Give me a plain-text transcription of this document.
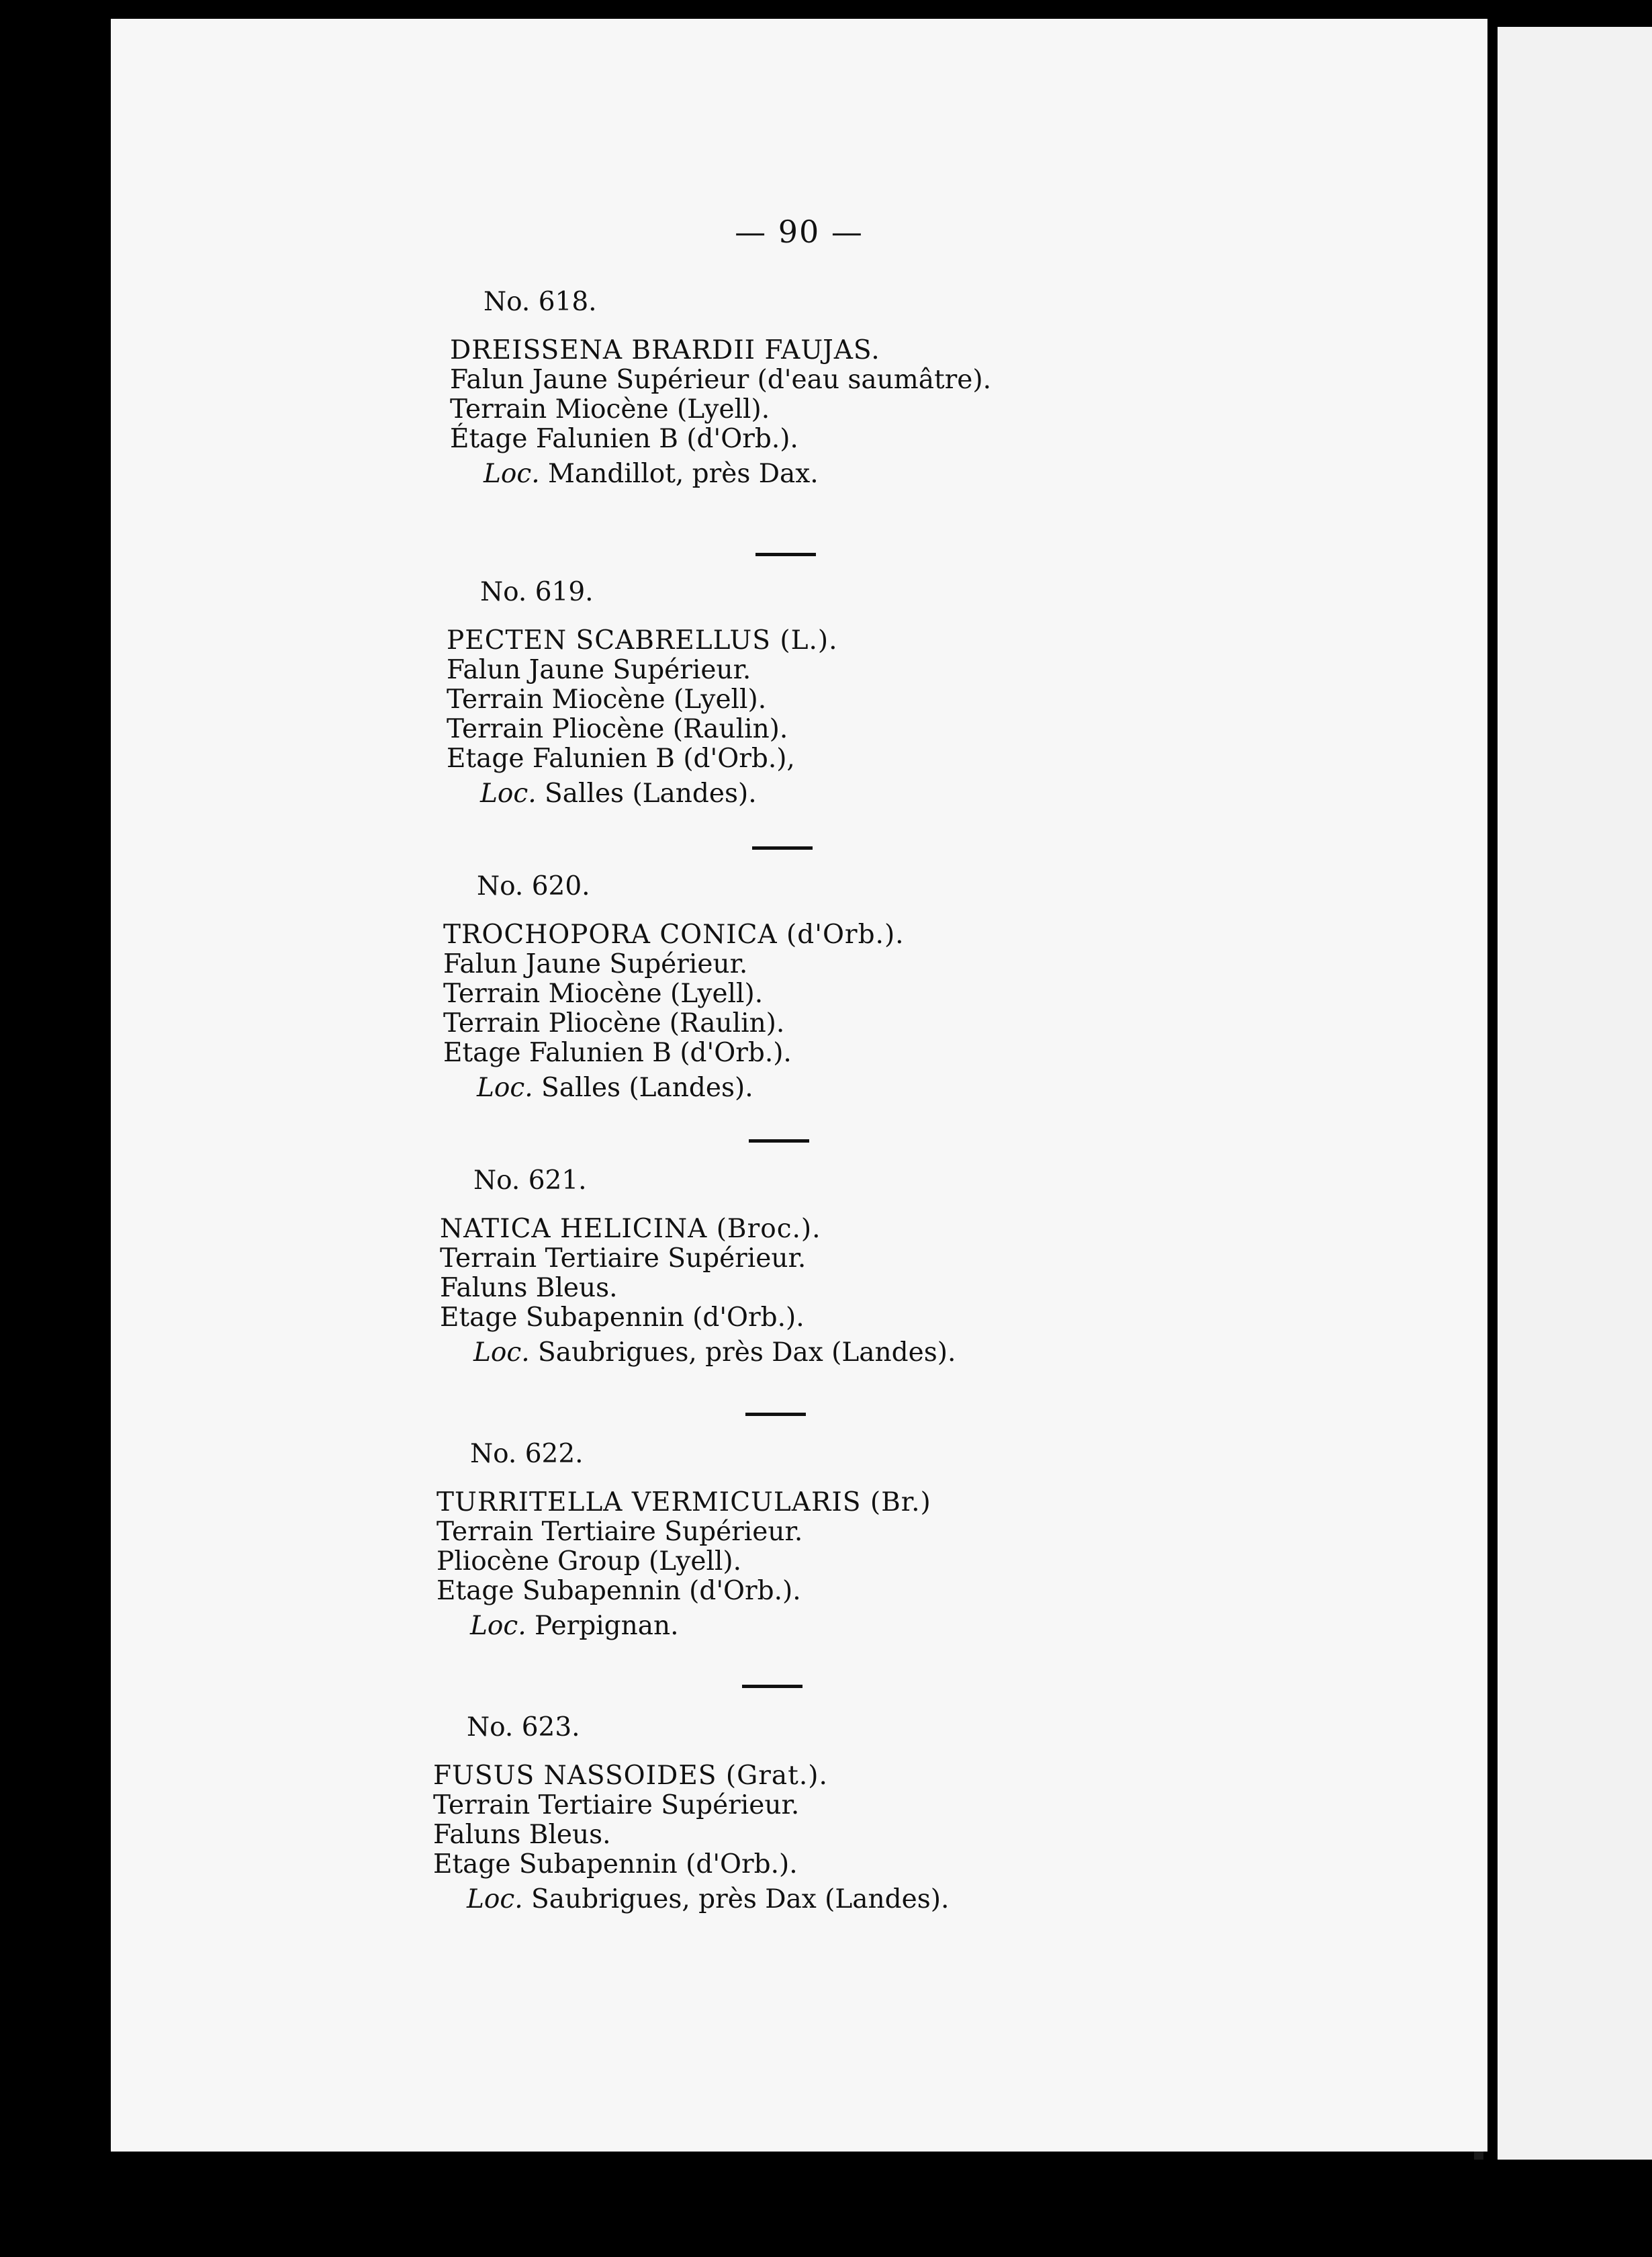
— 90 —
No. 618.
DREISSENA BRARDII FAUJAS.
Falun Jaune Supérieur (d'eau saumâtre).
Terrain Miocène (Lyell).
Étage Falunien B (d'Orb.).
Loc. Mandillot, près Dax.
No. 619.
PECTEN SCABRELLUS (L.).
Falun Jaune Supérieur.
Terrain Miocène (Lyell).
Terrain Pliocène (Raulin).
Etage Falunien B (d'Orb.),
Loc. Salles (Landes).
No. 620.
TROCHOPORA CONICA (d'Orb.).
Falun Jaune Supérieur.
Terrain Miocène (Lyell).
Terrain Pliocène (Raulin).
Etage Falunien B (d'Orb.).
Loc. Salles (Landes).
No. 621.
NATICA HELICINA (Broc.).
Terrain Tertiaire Supérieur.
Faluns Bleus.
Etage Subapennin (d'Orb.).
Loc. Saubrigues, près Dax (Landes).
No. 622.
TURRITELLA VERMICULARIS (Br.)
Terrain Tertiaire Supérieur.
Pliocène Group (Lyell).
Etage Subapennin (d'Orb.).
Loc. Perpignan.
No. 623.
FUSUS NASSOIDES (Grat.).
Terrain Tertiaire Supérieur.
Faluns Bleus.
Etage Subapennin (d'Orb.).
Loc. Saubrigues, près Dax (Landes).
